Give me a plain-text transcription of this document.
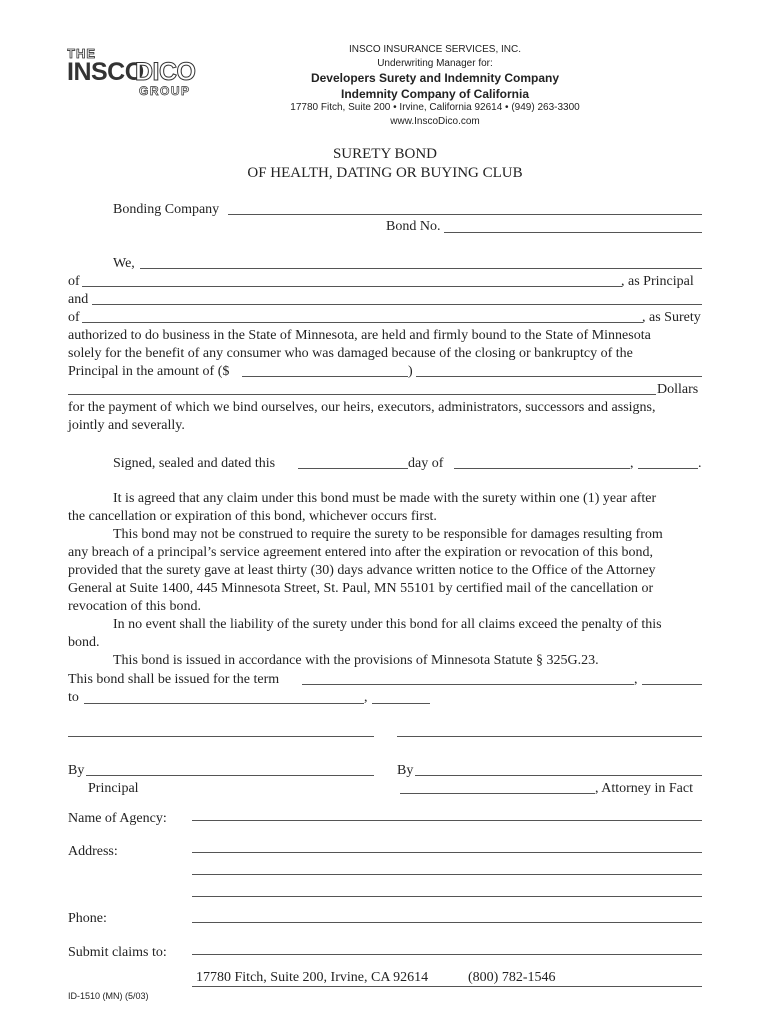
THE
INSCO
DICO
GROUP
INSCO INSURANCE SERVICES, INC.
Underwriting Manager for:
Developers Surety and Indemnity Company
Indemnity Company of California
17780 Fitch, Suite 200 • Irvine, California 92614 • (949) 263-3300
www.InscoDico.com
SURETY BOND
OF HEALTH, DATING OR BUYING CLUB
Bonding Company
Bond No.
We,
of	, as Principal
and
of	, as Surety
authorized to do business in the State of Minnesota, are held and firmly bound to the State of Minnesota
solely for the benefit of any consumer who was damaged because of the closing or bankruptcy of the
Principal in the amount of ($	)
Dollars
for the payment of which we bind ourselves, our heirs, executors, administrators, successors and assigns,
jointly and severally.
Signed, sealed and dated this	day of	,	.
It is agreed that any claim under this bond must be made with the surety within one (1) year after
the cancellation or expiration of this bond, whichever occurs first.
This bond may not be construed to require the surety to be responsible for damages resulting from
any breach of a principal’s service agreement entered into after the expiration or revocation of this bond,
provided that the surety gave at least thirty (30) days advance written notice to the Office of the Attorney
General at Suite 1400, 445 Minnesota Street, St. Paul, MN 55101 by certified mail of the cancellation or
revocation of this bond.
In no event shall the liability of the surety under this bond for all claims exceed the penalty of this
bond.
This bond is issued in accordance with the provisions of Minnesota Statute § 325G.23.
This bond shall be issued for the term	,
to	,
By	By
Principal	, Attorney in Fact
Name of Agency:
Address:
Phone:
Submit claims to:
17780 Fitch, Suite 200, Irvine, CA 92614	(800) 782-1546
ID-1510 (MN) (5/03)
